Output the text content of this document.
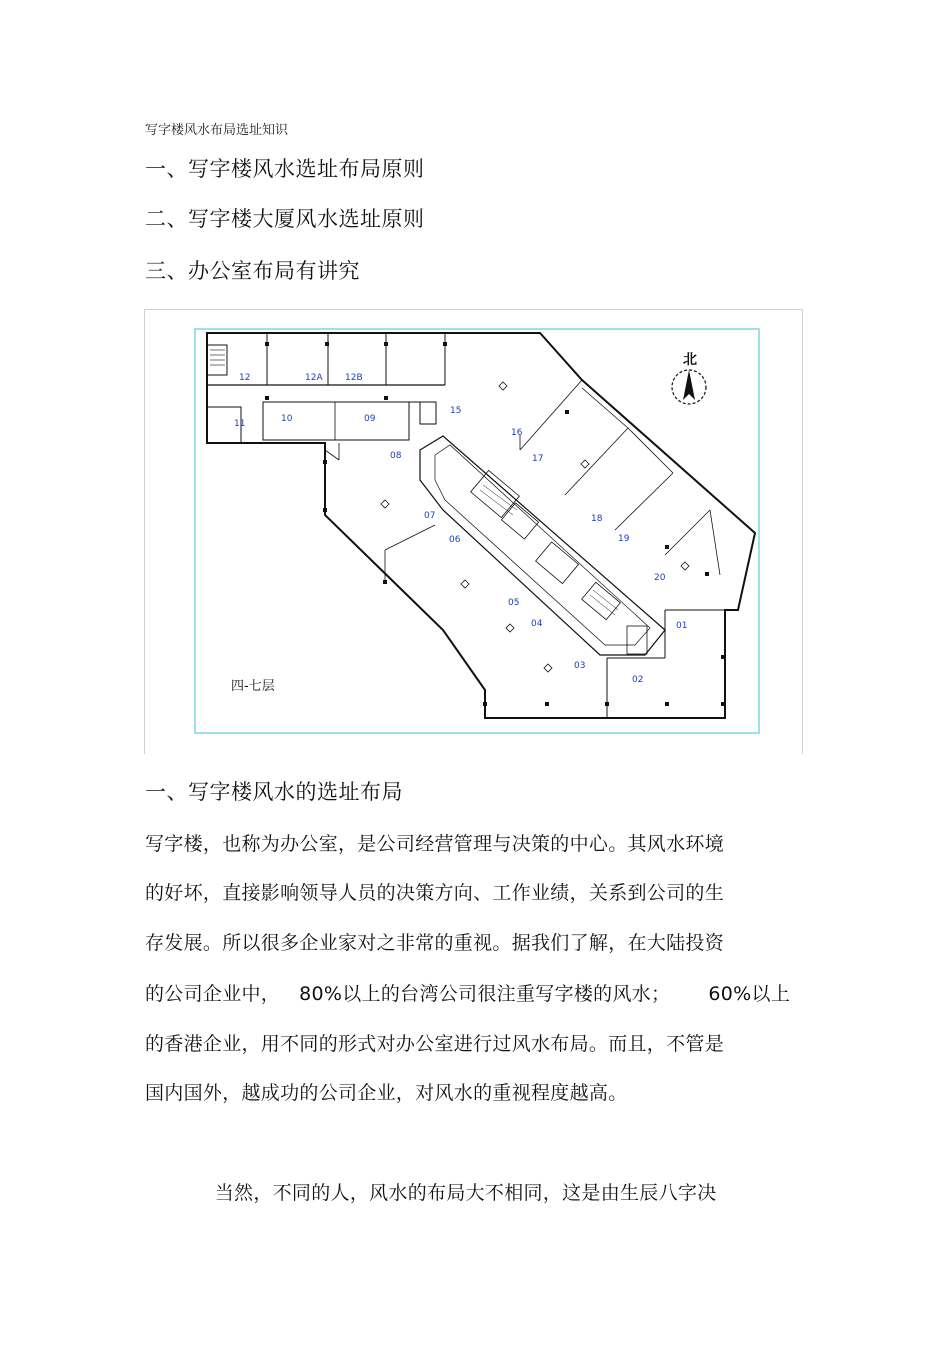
写字楼风水布局选址知识
一、写字楼风水选址布局原则
二、写字楼大厦风水选址原则
三、办公室布局有讲究
北
12	12A 12B
11	10	09
15
16
17
08
07
06
18
19
20
05
04
03
02
01
四-七层
一、写字楼风水的选址布局
写字楼，也称为办公室，是公司经营管理与决策的中心。其风水环境
的好坏，直接影响领导人员的决策方向、工作业绩，关系到公司的生
存发展。所以很多企业家对之非常的重视。据我们了解，在大陆投资
的公司企业中，   80%以上的台湾公司很注重写字楼的风水；      60%以上
的香港企业，用不同的形式对办公室进行过风水布局。而且，不管是
国内国外，越成功的公司企业，对风水的重视程度越高。
当然，不同的人，风水的布局大不相同，这是由生辰八字决
